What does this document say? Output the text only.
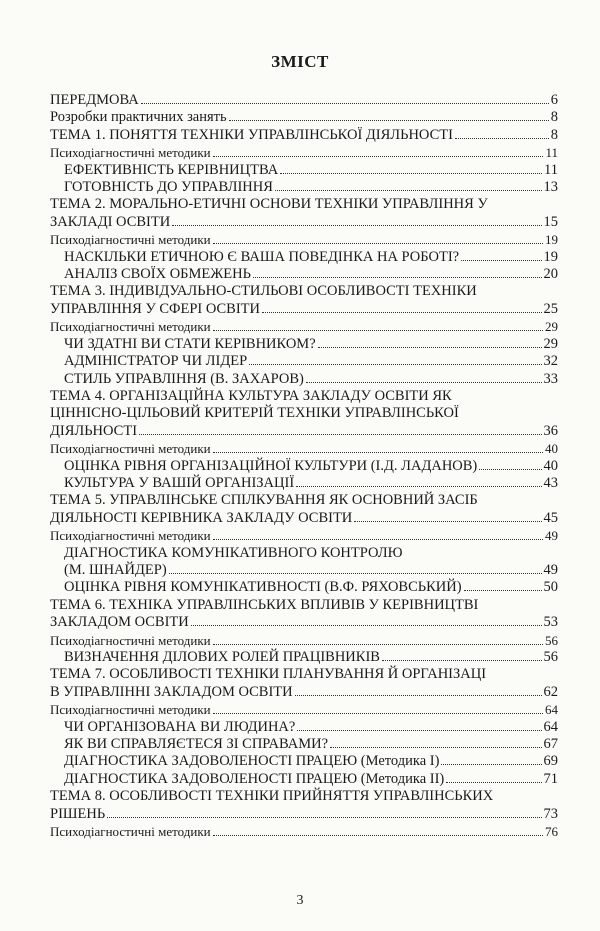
ЗМІСТ
ПЕРЕДМОВА	6
Розробки практичних занять	8
ТЕМА 1. ПОНЯТТЯ ТЕХНІКИ УПРАВЛІНСЬКОЇ ДІЯЛЬНОСТІ	8
Психодіагностичні методики	11
ЕФЕКТИВНІСТЬ КЕРІВНИЦТВА	11
ГОТОВНІСТЬ ДО УПРАВЛІННЯ	13
ТЕМА 2. МОРАЛЬНО-ЕТИЧНІ ОСНОВИ ТЕХНІКИ УПРАВЛІННЯ У
ЗАКЛАДІ ОСВІТИ	15
Психодіагностичні методики	19
НАСКІЛЬКИ ЕТИЧНОЮ Є ВАША ПОВЕДІНКА НА РОБОТІ?	19
АНАЛІЗ СВОЇХ ОБМЕЖЕНЬ	20
ТЕМА 3. ІНДИВІДУАЛЬНО-СТИЛЬОВІ ОСОБЛИВОСТІ ТЕХНІКИ
УПРАВЛІННЯ У СФЕРІ ОСВІТИ	25
Психодіагностичні методики	29
ЧИ ЗДАТНІ ВИ СТАТИ КЕРІВНИКОМ?	29
АДМІНІСТРАТОР ЧИ ЛІДЕР	32
СТИЛЬ УПРАВЛІННЯ (В. ЗАХАРОВ)	33
ТЕМА 4. ОРГАНІЗАЦІЙНА КУЛЬТУРА ЗАКЛАДУ ОСВІТИ ЯК
ЦІННІСНО-ЦІЛЬОВИЙ КРИТЕРІЙ ТЕХНІКИ УПРАВЛІНСЬКОЇ
ДІЯЛЬНОСТІ	36
Психодіагностичні методики	40
ОЦІНКА РІВНЯ ОРГАНІЗАЦІЙНОЇ КУЛЬТУРИ (І.Д. ЛАДАНОВ)	40
КУЛЬТУРА У ВАШІЙ ОРГАНІЗАЦІЇ	43
ТЕМА 5. УПРАВЛІНСЬКЕ СПІЛКУВАННЯ ЯК ОСНОВНИЙ ЗАСІБ
ДІЯЛЬНОСТІ КЕРІВНИКА ЗАКЛАДУ ОСВІТИ	45
Психодіагностичні методики	49
ДІАГНОСТИКА КОМУНІКАТИВНОГО КОНТРОЛЮ
(М. ШНАЙДЕР)	49
ОЦІНКА РІВНЯ КОМУНІКАТИВНОСТІ (В.Ф. РЯХОВСЬКИЙ)	50
ТЕМА 6. ТЕХНІКА УПРАВЛІНСЬКИХ ВПЛИВІВ У КЕРІВНИЦТВІ
ЗАКЛАДОМ ОСВІТИ	53
Психодіагностичні методики	56
ВИЗНАЧЕННЯ ДІЛОВИХ РОЛЕЙ ПРАЦІВНИКІВ	56
ТЕМА 7. ОСОБЛИВОСТІ ТЕХНІКИ ПЛАНУВАННЯ Й ОРГАНІЗАЦІ
В УПРАВЛІННІ ЗАКЛАДОМ ОСВІТИ	62
Психодіагностичні методики	64
ЧИ ОРГАНІЗОВАНА ВИ ЛЮДИНА?	64
ЯК ВИ СПРАВЛЯЄТЕСЯ ЗІ СПРАВАМИ?	67
ДІАГНОСТИКА ЗАДОВОЛЕНОСТІ ПРАЦЕЮ (Методика І)	69
ДІАГНОСТИКА ЗАДОВОЛЕНОСТІ ПРАЦЕЮ (Методика ІІ)	71
ТЕМА 8. ОСОБЛИВОСТІ ТЕХНІКИ ПРИЙНЯТТЯ УПРАВЛІНСЬКИХ
РІШЕНЬ	73
Психодіагностичні методики	76
3
